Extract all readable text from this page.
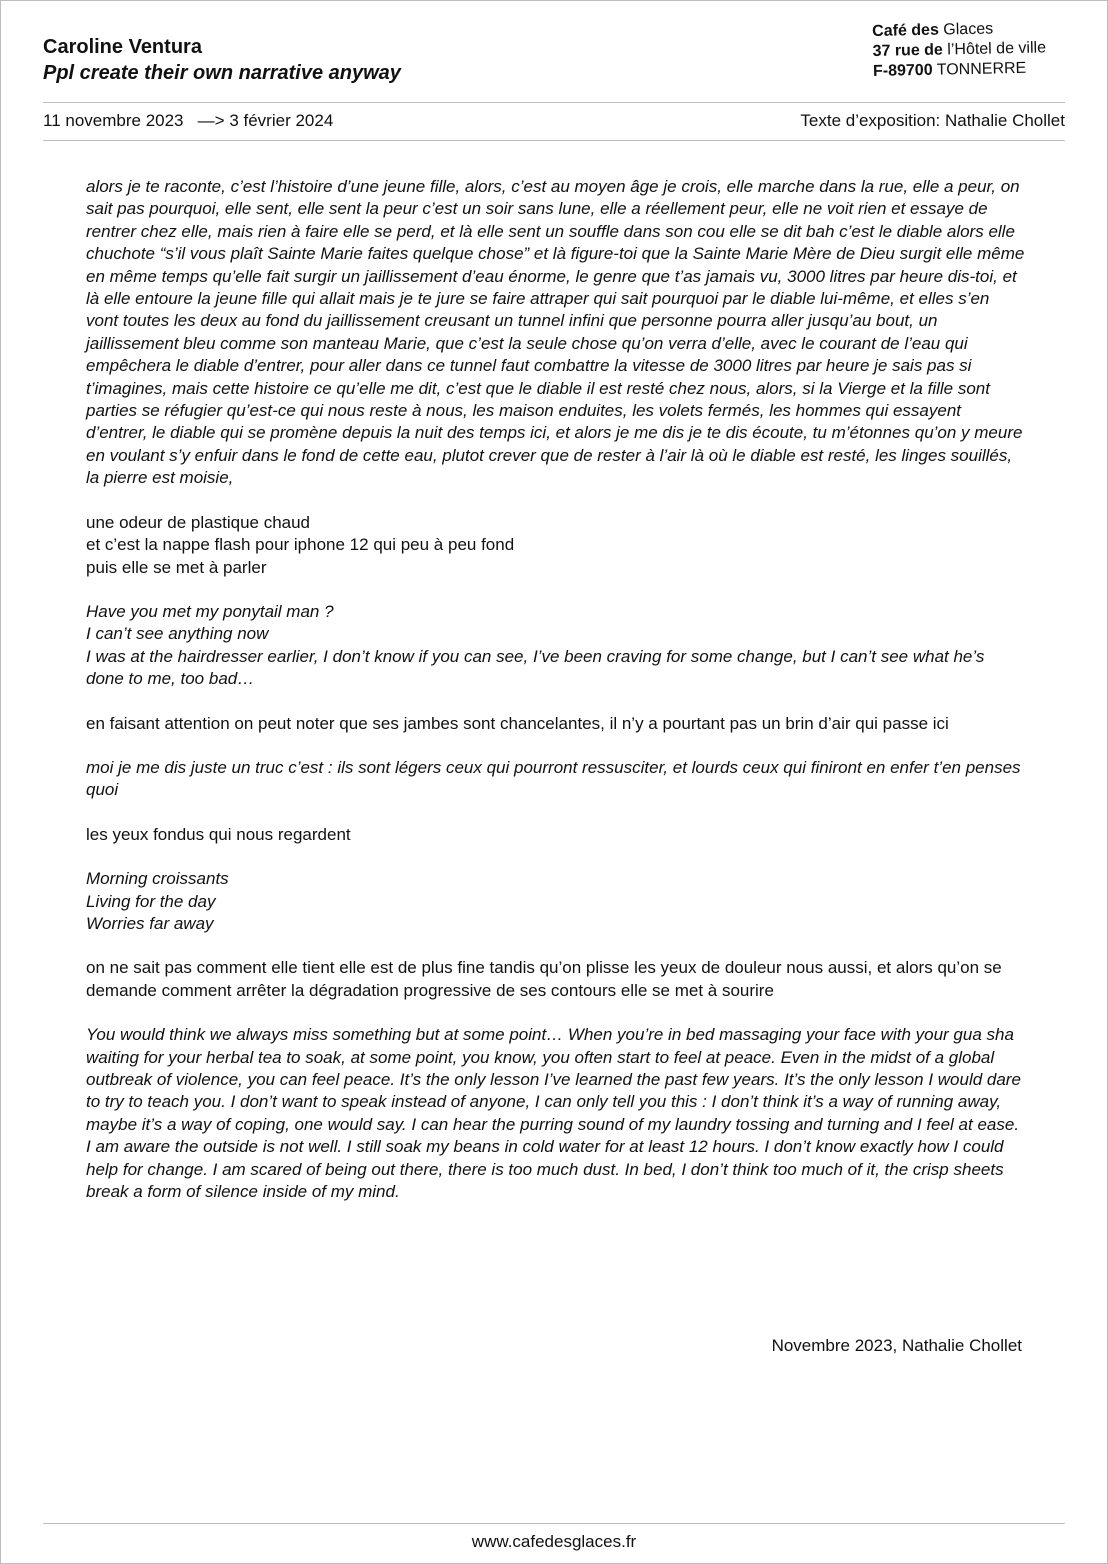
Caroline Ventura
Ppl create their own narrative anyway
Café des Glaces
37 rue de l’Hôtel de ville
F-89700 TONNERRE
11 novembre 2023   —> 3 février 2024	Texte d’exposition: Nathalie Chollet

alors je te raconte, c’est l’histoire d’une jeune fille, alors, c’est au moyen âge je crois, elle marche dans la rue, elle a peur, on sait pas pourquoi, elle sent, elle sent la peur c’est un soir sans lune, elle a réellement peur, elle ne voit rien et essaye de rentrer chez elle, mais rien à faire elle se perd, et là elle sent un souffle dans son cou elle se dit bah c’est le diable alors elle chuchote “s’il vous plaît Sainte Marie faites quelque chose” et là figure-toi que la Sainte Marie Mère de Dieu surgit elle même en même temps qu’elle fait surgir un jaillissement d’eau énorme, le genre que t’as jamais vu, 3000 litres par heure dis-toi, et là elle entoure la jeune fille qui allait mais je te jure se faire attraper qui sait pourquoi par le diable lui-même, et elles s’en vont toutes les deux au fond du jaillissement creusant un tunnel infini que personne pourra aller jusqu’au bout, un jaillissement bleu comme son manteau Marie, que c’est la seule chose qu’on verra d’elle, avec le courant de l’eau qui empêchera le diable d’entrer, pour aller dans ce tunnel faut combattre la vitesse de 3000 litres par heure je sais pas si t’imagines, mais cette histoire ce qu’elle me dit, c’est que le diable il est resté chez nous, alors, si la Vierge et la fille sont parties se réfugier qu’est-ce qui nous reste à nous, les maison enduites, les volets fermés, les hommes qui essayent d’entrer, le diable qui se promène depuis la nuit des temps ici, et alors je me dis je te dis écoute, tu m’étonnes qu’on y meure en voulant s’y enfuir dans le fond de cette eau, plutot crever que de rester à l’air là où le diable est resté, les linges souillés, la pierre est moisie,

une odeur de plastique chaud
et c’est la nappe flash pour iphone 12 qui peu à peu fond
puis elle se met à parler

Have you met my ponytail man ?
I can’t see anything now
I was at the hairdresser earlier, I don’t know if you can see, I’ve been craving for some change, but I can’t see what he’s done to me, too bad…

en faisant attention on peut noter que ses jambes sont chancelantes, il n’y a pourtant pas un brin d’air qui passe ici

moi je me dis juste un truc c’est : ils sont légers ceux qui pourront ressusciter, et lourds ceux qui finiront en enfer t’en penses quoi

les yeux fondus qui nous regardent

Morning croissants
Living for the day
Worries far away

on ne sait pas comment elle tient elle est de plus fine tandis qu’on plisse les yeux de douleur nous aussi, et alors qu’on se demande comment arrêter la dégradation progressive de ses contours elle se met à sourire

You would think we always miss something but at some point… When you’re in bed massaging your face with your gua sha waiting for your herbal tea to soak, at some point, you know, you often start to feel at peace. Even in the midst of a global outbreak of violence, you can feel peace. It’s the only lesson I’ve learned the past few years. It’s the only lesson I would dare to try to teach you. I don’t want to speak instead of anyone, I can only tell you this : I don’t think it’s a way of running away, maybe it’s a way of coping, one would say. I can hear the purring sound of my laundry tossing and turning and I feel at ease. I am aware the outside is not well. I still soak my beans in cold water for at least 12 hours. I don’t know exactly how I could help for change. I am scared of being out there, there is too much dust. In bed, I don’t think too much of it, the crisp sheets break a form of silence inside of my mind.

Novembre 2023, Nathalie Chollet
www.cafedesglaces.fr
